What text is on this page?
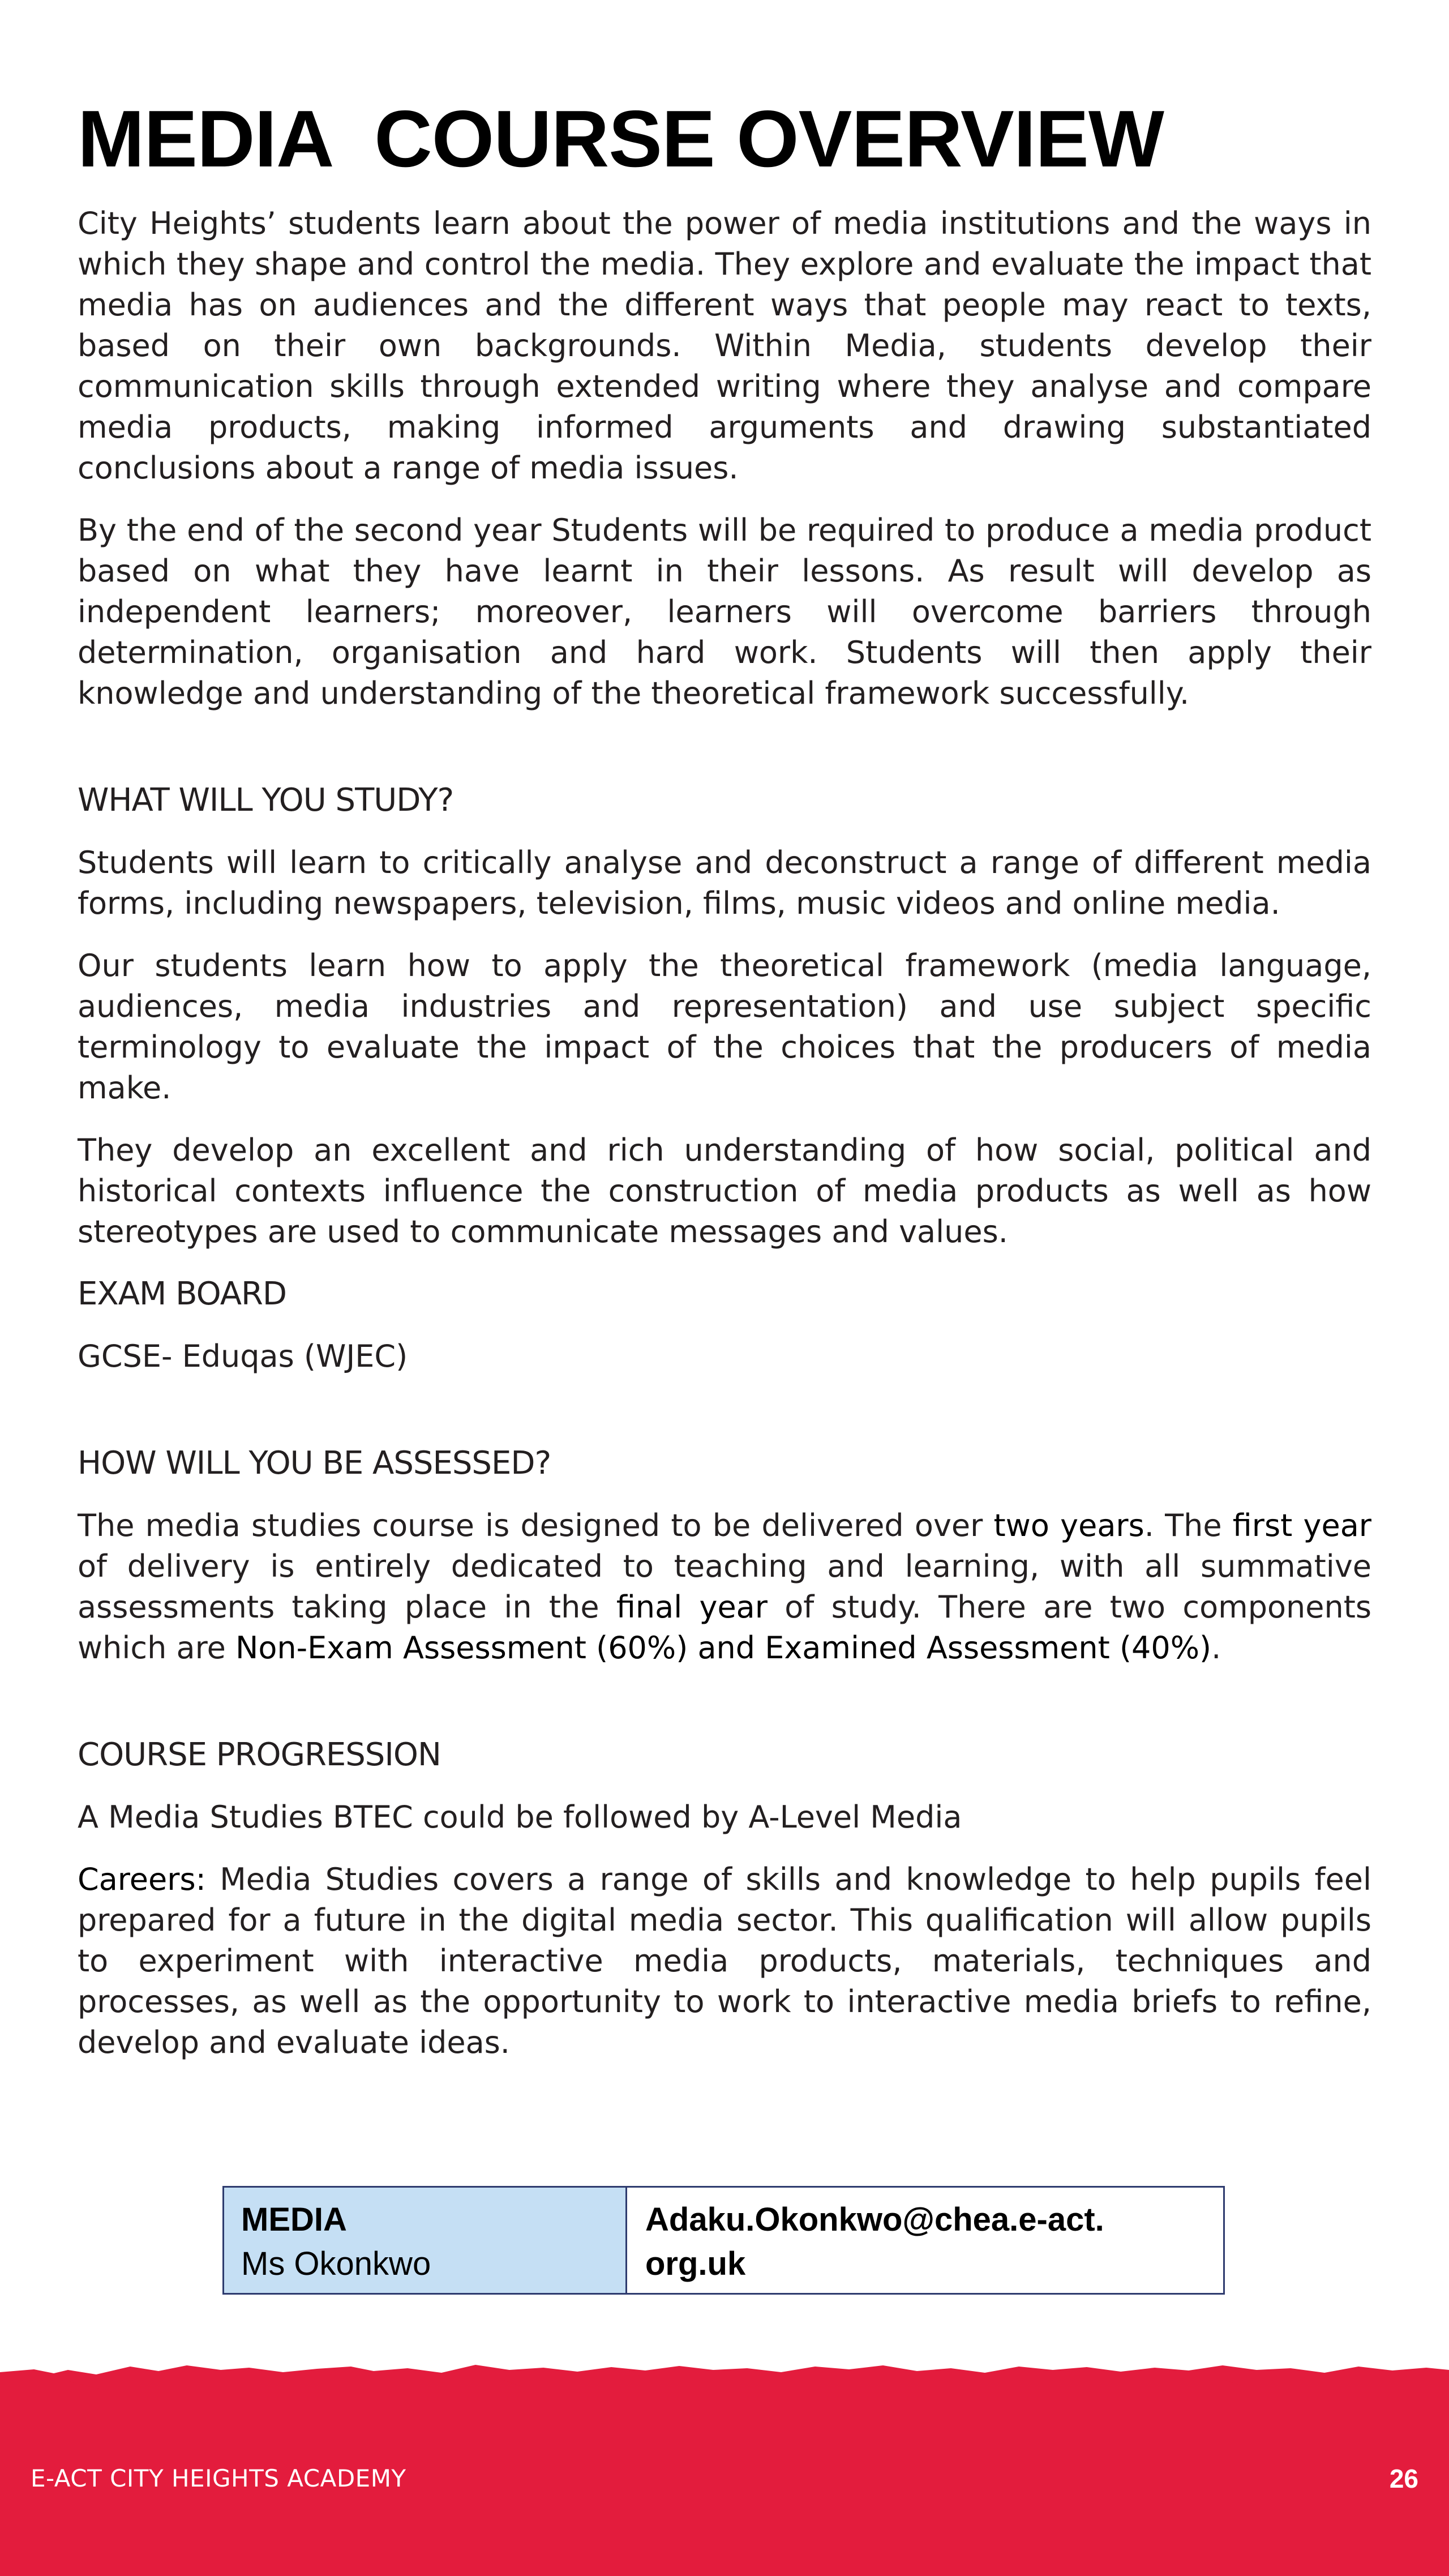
MEDIA  COURSE OVERVIEW

City Heights’ students learn about the power of media institutions and the ways in which they shape and control the media. They explore and evaluate the impact that media has on audiences and the different ways that people may react to texts, based on their own backgrounds. Within Media, students develop their communication skills through extended writing where they analyse and compare media products, making informed arguments and drawing substantiated conclusions about a range of media issues.

By the end of the second year Students will be required to produce a media product based on what they have learnt in their lessons. As result will develop as independent learners; moreover, learners will overcome barriers through determination, organisation and hard work. Students will then apply their knowledge and understanding of the theoretical framework successfully.

WHAT WILL YOU STUDY?

Students will learn to critically analyse and deconstruct a range of different media forms, including newspapers, television, films, music videos and online media.

Our students learn how to apply the theoretical framework (media language, audiences, media industries and representation) and use subject specific terminology to evaluate the impact of the choices that the producers of media make.

They develop an excellent and rich understanding of how social, political and historical contexts influence the construction of media products as well as how stereotypes are used to communicate messages and values.

EXAM BOARD

GCSE- Eduqas (WJEC)

HOW WILL YOU BE ASSESSED?

The media studies course is designed to be delivered over two years. The first year of delivery is entirely dedicated to teaching and learning, with all summative assessments taking place in the final year of study. There are two components which are Non-Exam Assessment (60%) and Examined Assessment (40%).

COURSE PROGRESSION

A Media Studies BTEC could be followed by A-Level Media

Careers: Media Studies covers a range of skills and knowledge to help pupils feel prepared for a future in the digital media sector. This qualification will allow pupils to experiment with interactive media products, materials, techniques and processes, as well as the opportunity to work to interactive media briefs to refine, develop and evaluate ideas.

MEDIA
Ms Okonkwo
Adaku.Okonkwo@chea.e-act.org.uk
E-ACT CITY HEIGHTS ACADEMY	26
